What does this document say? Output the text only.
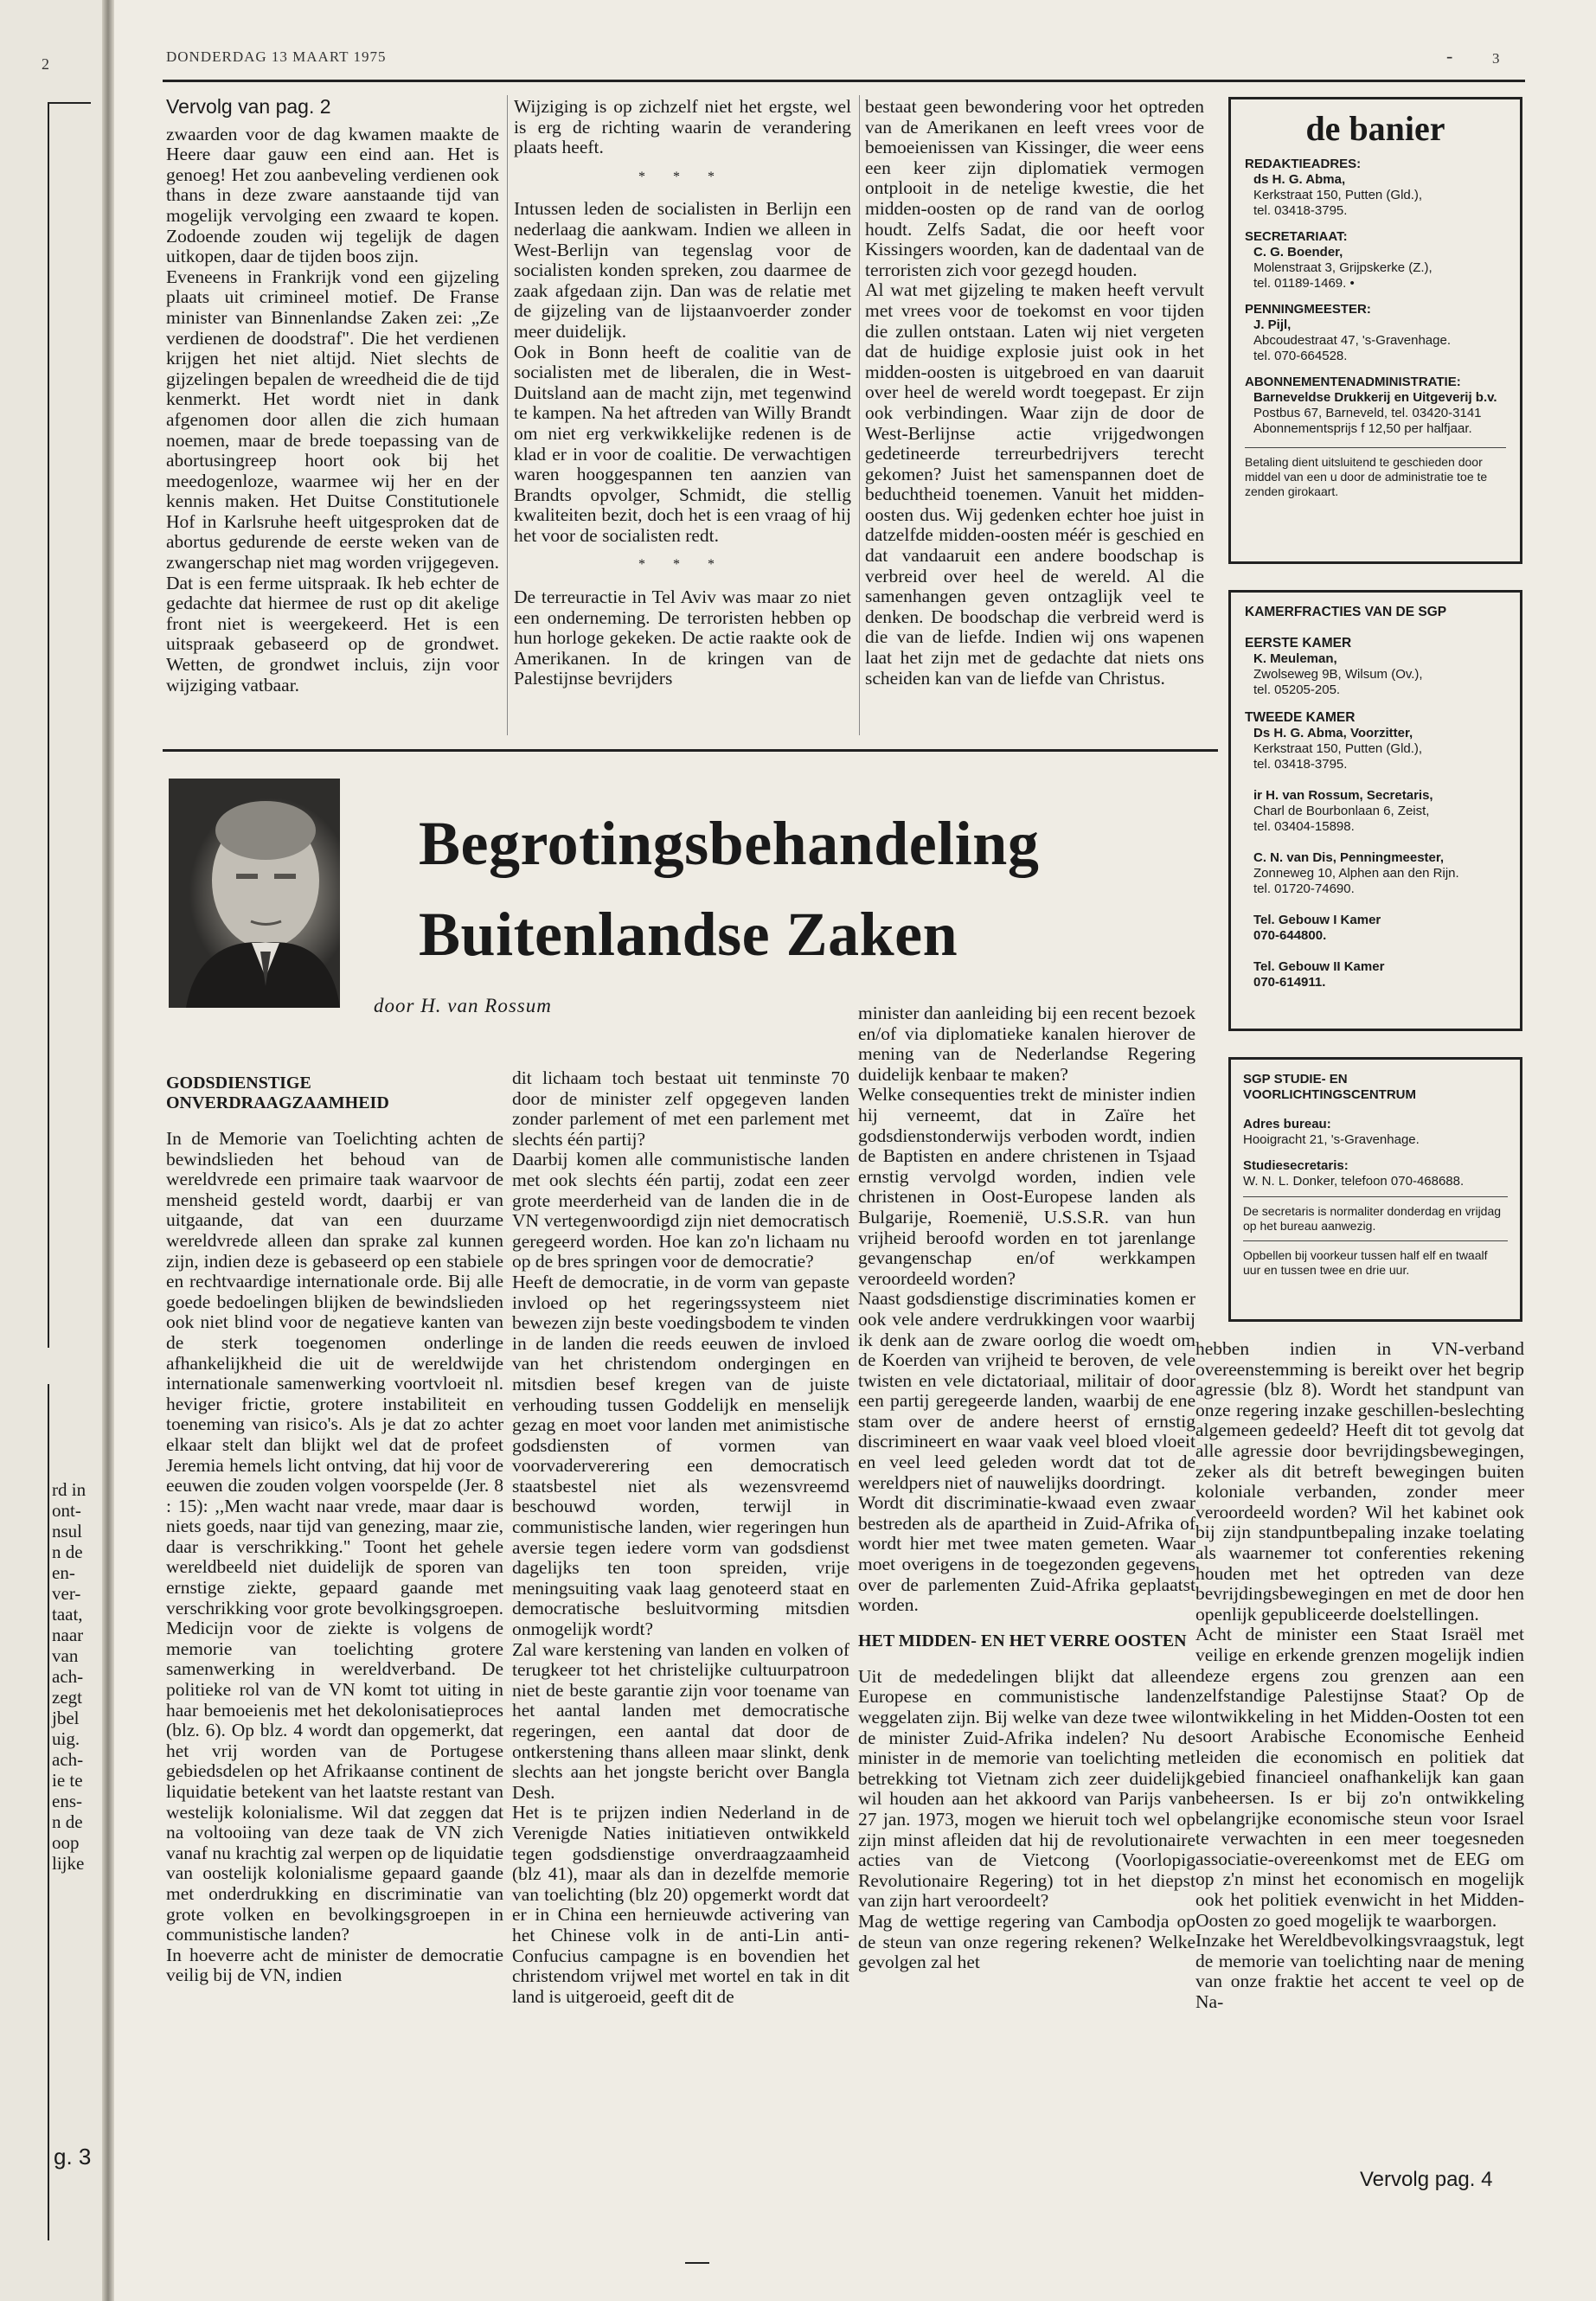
2
rd in
ont-
nsul
n de
en-
ver-
taat,
naar
van
ach-
zegt
jbel
uig.
ach-
ie te
ens-
n de
oop
lijke
g. 3
DONDERDAG 13 MAART 1975	-	3
Vervolg van pag. 2

zwaarden voor de dag kwamen maakte de Heere daar gauw een eind aan. Het is genoeg! Het zou aanbeveling verdienen ook thans in deze zware aanstaande tijd van mogelijk vervolging een zwaard te kopen. Zodoende zouden wij tegelijk de dagen uitkopen, daar de tijden boos zijn.

Eveneens in Frankrijk vond een gijzeling plaats uit crimineel motief. De Franse minister van Binnenlandse Zaken zei: „Ze verdienen de doodstraf". Die het verdienen krijgen het niet altijd. Niet slechts de gijzelingen bepalen de wreedheid die de tijd kenmerkt. Het wordt niet in dank afgenomen door allen die zich humaan noemen, maar de brede toepassing van de abortusingreep hoort ook bij het meedogenloze, waarmee wij her en der kennis maken. Het Duitse Constitutionele Hof in Karlsruhe heeft uitgesproken dat de abortus gedurende de eerste weken van de zwangerschap niet mag worden vrijgegeven. Dat is een ferme uitspraak. Ik heb echter de gedachte dat hiermee de rust op dit akelige front niet is weergekeerd. Het is een uitspraak gebaseerd op de grondwet. Wetten, de grondwet incluis, zijn voor wijziging vatbaar.

Wijziging is op zichzelf niet het ergste, wel is erg de richting waarin de verandering plaats heeft.

* * *

Intussen leden de socialisten in Berlijn een nederlaag die aankwam. Indien we alleen in West-Berlijn van tegenslag voor de socialisten konden spreken, zou daarmee de zaak afgedaan zijn. Dan was de relatie met de gijzeling van de lijstaanvoerder zonder meer duidelijk.

Ook in Bonn heeft de coalitie van de socialisten met de liberalen, die in West-Duitsland aan de macht zijn, met tegenwind te kampen. Na het aftreden van Willy Brandt om niet erg verkwikkelijke redenen is de klad er in voor de coalitie. De verwachtigen waren hooggespannen ten aanzien van Brandts opvolger, Schmidt, die stellig kwaliteiten bezit, doch het is een vraag of hij het voor de socialisten redt.

* * *

De terreuractie in Tel Aviv was maar zo niet een onderneming. De terroristen hebben op hun horloge gekeken. De actie raakte ook de Amerikanen. In de kringen van de Palestijnse bevrijders

bestaat geen bewondering voor het optreden van de Amerikanen en leeft vrees voor de bemoeienissen van Kissinger, die weer eens een keer zijn diplomatiek vermogen ontplooit in de netelige kwestie, die het midden-oosten op de rand van de oorlog houdt. Zelfs Sadat, die oor heeft voor Kissingers woorden, kan de dadentaal van de terroristen zich voor gezegd houden.

Al wat met gijzeling te maken heeft vervult met vrees voor de toekomst en voor tijden die zullen ontstaan. Laten wij niet vergeten dat de huidige explosie juist ook in het midden-oosten is uitgebroed en van daaruit over heel de wereld wordt toegepast. Er zijn ook verbindingen. Waar zijn de door de West-Berlijnse actie vrijgedwongen gedetineerde terreurbedrijvers terecht gekomen? Juist het samenspannen doet de beduchtheid toenemen. Vanuit het midden-oosten dus. Wij gedenken echter hoe juist in datzelfde midden-oosten méér is geschied en dat vandaaruit een andere boodschap is verbreid over heel de wereld. Al die samenhangen geven ontzaglijk veel te denken. De boodschap die verbreid werd is die van de liefde. Indien wij ons wapenen laat het zijn met de gedachte dat niets ons scheiden kan van de liefde van Christus.

de banier
REDAKTIEADRES:
ds H. G. Abma,
Kerkstraat 150, Putten (Gld.),
tel. 03418-3795.
SECRETARIAAT:
C. G. Boender,
Molenstraat 3, Grijpskerke (Z.),
tel. 01189-1469. •
PENNINGMEESTER:
J. Pijl,
Abcoudestraat 47, 's-Gravenhage.
tel. 070-664528.
ABONNEMENTENADMINISTRATIE:
Barneveldse Drukkerij en Uitgeverij b.v.
Postbus 67, Barneveld, tel. 03420-3141
Abonnementsprijs f 12,50 per halfjaar.
Betaling dient uitsluitend te geschieden door middel van een u door de administratie toe te zenden girokaart.
KAMERFRACTIES VAN DE SGP
EERSTE KAMER
K. Meuleman,
Zwolseweg 9B, Wilsum (Ov.),
tel. 05205-205.
TWEEDE KAMER
Ds H. G. Abma, Voorzitter,
Kerkstraat 150, Putten (Gld.),
tel. 03418-3795.
ir H. van Rossum, Secretaris,
Charl de Bourbonlaan 6, Zeist,
tel. 03404-15898.
C. N. van Dis, Penningmeester,
Zonneweg 10, Alphen aan den Rijn.
tel. 01720-74690.
Tel. Gebouw I Kamer
070-644800.
Tel. Gebouw II Kamer
070-614911.
SGP STUDIE- EN
VOORLICHTINGSCENTRUM
Adres bureau:
Hooigracht 21, 's-Gravenhage.
Studiesecretaris:
W. N. L. Donker, telefoon 070-468688.
De secretaris is normaliter donderdag en vrijdag op het bureau aanwezig.
Opbellen bij voorkeur tussen half elf en twaalf uur en tussen twee en drie uur.
Begrotingsbehandeling
Buitenlandse Zaken
door H. van Rossum
GODSDIENSTIGE ONVERDRAAGZAAMHEID

In de Memorie van Toelichting achten de bewindslieden het behoud van de wereldvrede een primaire taak waarvoor de mensheid gesteld wordt, daarbij er van uitgaande, dat van een duurzame wereldvrede alleen dan sprake zal kunnen zijn, indien deze is gebaseerd op een stabiele en rechtvaardige internationale orde. Bij alle goede bedoelingen blijken de bewindslieden ook niet blind voor de negatieve kanten van de sterk toegenomen onderlinge afhankelijkheid die uit de wereldwijde internationale samenwerking voortvloeit nl. heviger frictie, grotere instabiliteit en toeneming van risico's. Als je dat zo achter elkaar stelt dan blijkt wel dat de profeet Jeremia hemels licht ontving, dat hij voor de eeuwen die zouden volgen voorspelde (Jer. 8 : 15): ,,Men wacht naar vrede, maar daar is niets goeds, naar tijd van genezing, maar zie, daar is verschrikking." Toont het gehele wereldbeeld niet duidelijk de sporen van ernstige ziekte, gepaard gaande met verschrikking voor grote bevolkingsgroepen. Medicijn voor de ziekte is volgens de memorie van toelichting grotere samenwerking in wereldverband. De politieke rol van de VN komt tot uiting in haar bemoeienis met het dekolonisatieproces (blz. 6). Op blz. 4 wordt dan opgemerkt, dat het vrij worden van de Portugese gebiedsdelen op het Afrikaanse continent de liquidatie betekent van het laatste restant van westelijk kolonialisme. Wil dat zeggen dat na voltooiing van deze taak de VN zich vanaf nu krachtig zal werpen op de liquidatie van oostelijk kolonialisme gepaard gaande met onderdrukking en discriminatie van grote volken en bevolkingsgroepen in communistische landen?

In hoeverre acht de minister de democratie veilig bij de VN, indien

dit lichaam toch bestaat uit tenminste 70 door de minister zelf opgegeven landen zonder parlement of met een parlement met slechts één partij?

Daarbij komen alle communistische landen met ook slechts één partij, zodat een zeer grote meerderheid van de landen die in de VN vertegenwoordigd zijn niet democratisch geregeerd worden. Hoe kan zo'n lichaam nu op de bres springen voor de democratie?

Heeft de democratie, in de vorm van gepaste invloed op het regeringssysteem niet bewezen zijn beste voedingsbodem te vinden in de landen die reeds eeuwen de invloed van het christendom ondergingen en mitsdien besef kregen van de juiste verhouding tussen Goddelijk en menselijk gezag en moet voor landen met animistische godsdiensten of vormen van voorvaderverering een democratisch staatsbestel niet als wezensvreemd beschouwd worden, terwijl in communistische landen, wier regeringen hun aversie tegen iedere vorm van godsdienst dagelijks ten toon spreiden, vrije meningsuiting vaak laag genoteerd staat en democratische besluitvorming mitsdien onmogelijk wordt?

Zal ware kerstening van landen en volken of terugkeer tot het christelijke cultuurpatroon niet de beste garantie zijn voor toename van het aantal landen met democratische regeringen, een aantal dat door de ontkerstening thans alleen maar slinkt, denk slechts aan het jongste bericht over Bangla Desh.

Het is te prijzen indien Nederland in de Verenigde Naties initiatieven ontwikkeld tegen godsdienstige onverdraagzaamheid (blz 41), maar als dan in dezelfde memorie van toelichting (blz 20) opgemerkt wordt dat er in China een hernieuwde activering van het Chinese volk in de anti-Lin anti-Confucius campagne is en bovendien het christendom vrijwel met wortel en tak in dit land is uitgeroeid, geeft dit de

minister dan aanleiding bij een recent bezoek en/of via diplomatieke kanalen hierover de mening van de Nederlandse Regering duidelijk kenbaar te maken?

Welke consequenties trekt de minister indien hij verneemt, dat in Zaïre het godsdienstonderwijs verboden wordt, indien de Baptisten en andere christenen in Tsjaad ernstig vervolgd worden, indien vele christenen in Oost-Europese landen als Bulgarije, Roemenië, U.S.S.R. van hun vrijheid beroofd worden en tot jarenlange gevangenschap en/of werkkampen veroordeeld worden?

Naast godsdienstige discriminaties komen er ook vele andere verdrukkingen voor waarbij ik denk aan de zware oorlog die woedt om de Koerden van vrijheid te beroven, de vele twisten en vele dictatoriaal, militair of door een partij geregeerde landen, waarbij de ene stam over de andere heerst of ernstig discrimineert en waar vaak veel bloed vloeit en veel leed geleden wordt dat tot de wereldpers niet of nauwelijks doordringt.

Wordt dit discriminatie-kwaad even zwaar bestreden als de apartheid in Zuid-Afrika of wordt hier met twee maten gemeten. Waar moet overigens in de toegezonden gegevens over de parlementen Zuid-Afrika geplaatst worden.

HET MIDDEN- EN HET VERRE OOSTEN

Uit de mededelingen blijkt dat alleen Europese en communistische landen weggelaten zijn. Bij welke van deze twee wil de minister Zuid-Afrika indelen? Nu de minister in de memorie van toelichting met betrekking tot Vietnam zich zeer duidelijk wil houden aan het akkoord van Parijs van 27 jan. 1973, mogen we hieruit toch wel op zijn minst afleiden dat hij de revolutionaire acties van de Vietcong (Voorlopig Revolutionaire Regering) tot in het diepst van zijn hart veroordeelt?

Mag de wettige regering van Cambodja op de steun van onze regering rekenen? Welke gevolgen zal het

hebben indien in VN-verband overeenstemming is bereikt over het begrip agressie (blz 8). Wordt het standpunt van onze regering inzake geschillen-beslechting algemeen gedeeld? Heeft dit tot gevolg dat alle agressie door bevrijdingsbewegingen, zeker als dit betreft bewegingen buiten koloniale verbanden, zonder meer veroordeeld worden? Wil het kabinet ook bij zijn standpuntbepaling inzake toelating als waarnemer tot conferenties rekening houden met het optreden van deze bevrijdingsbewegingen en met de door hen openlijk gepubliceerde doelstellingen.

Acht de minister een Staat Israël met veilige en erkende grenzen mogelijk indien deze ergens zou grenzen aan een zelfstandige Palestijnse Staat? Op de ontwikkeling in het Midden-Oosten tot een soort Arabische Economische Eenheid leiden die economisch en politiek dat gebied financieel onafhankelijk kan gaan beheersen. Is er bij zo'n ontwikkeling belangrijke economische steun voor Israel te verwachten in een meer toegesneden associatie-overeenkomst met de EEG om op z'n minst het economisch en mogelijk ook het politiek evenwicht in het Midden-Oosten zo goed mogelijk te waarborgen.

Inzake het Wereldbevolkingsvraagstuk, legt de memorie van toelichting naar de mening van onze fraktie het accent te veel op de Na-

Vervolg pag. 4
